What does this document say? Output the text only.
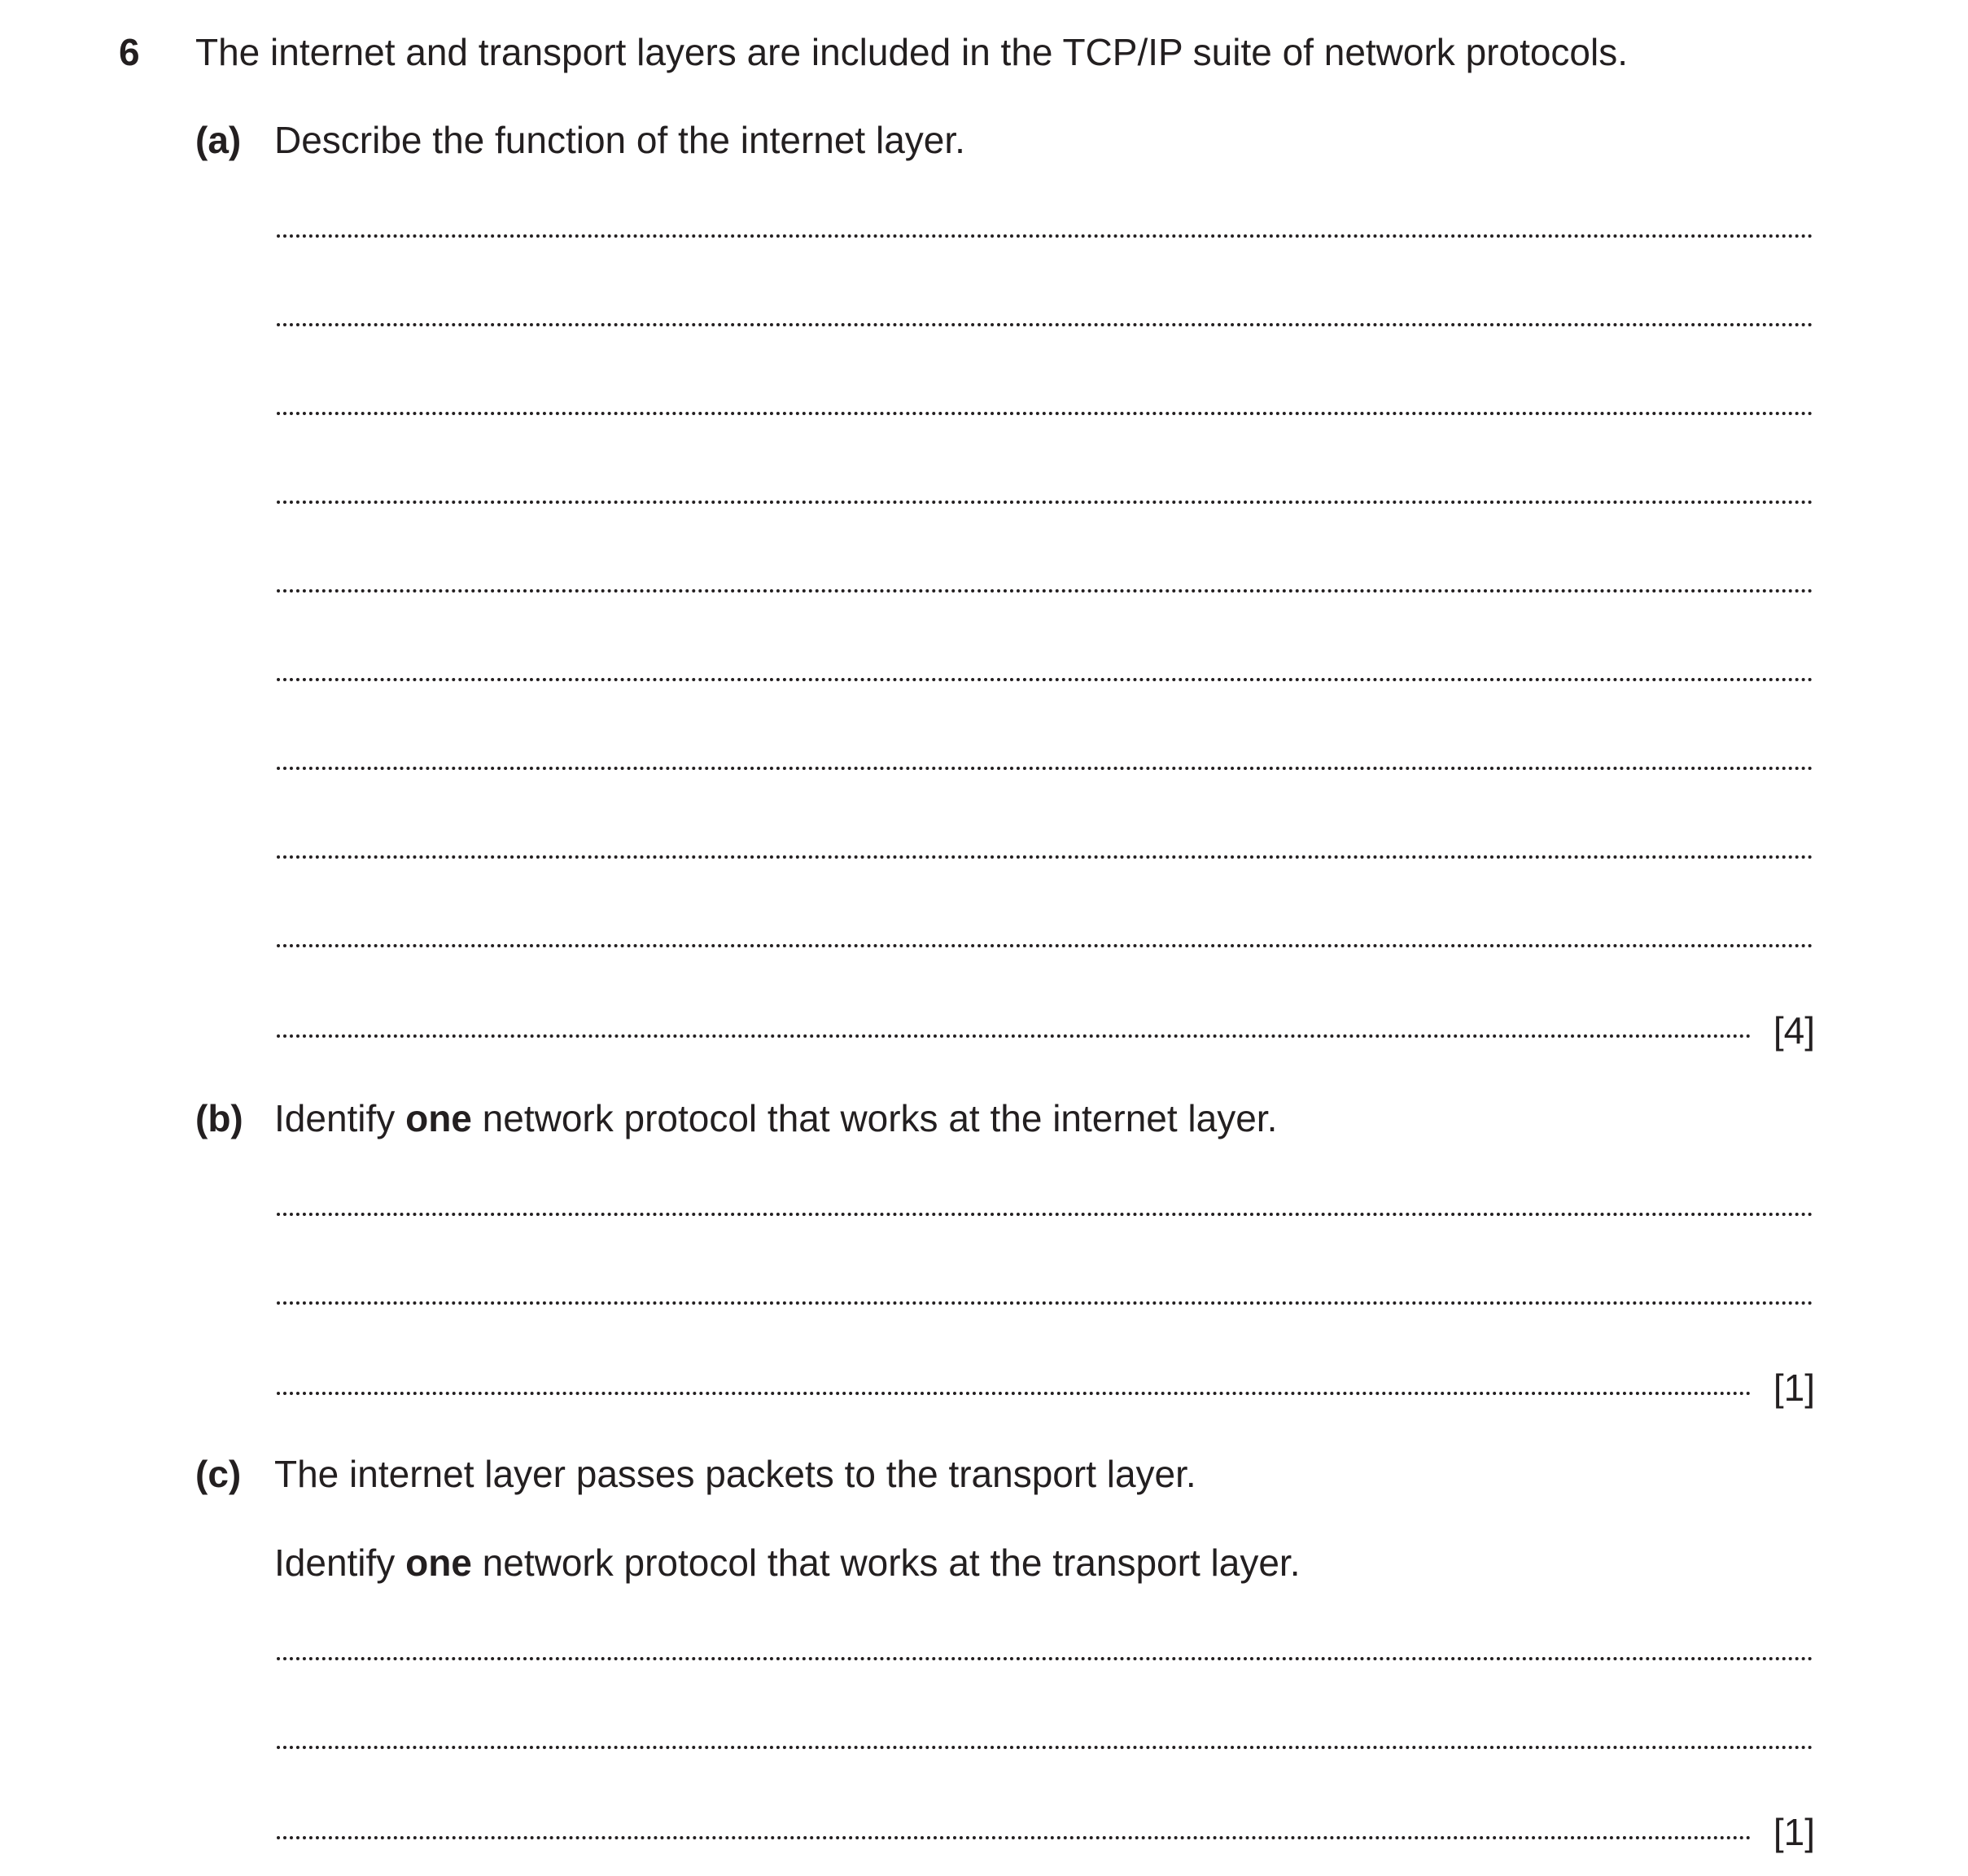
6 The internet and transport layers are included in the TCP/IP suite of network protocols.
(a) Describe the function of the internet layer.
[4]
(b) Identify one network protocol that works at the internet layer.
[1]
(c) The internet layer passes packets to the transport layer.
Identify one network protocol that works at the transport layer.
[1]
